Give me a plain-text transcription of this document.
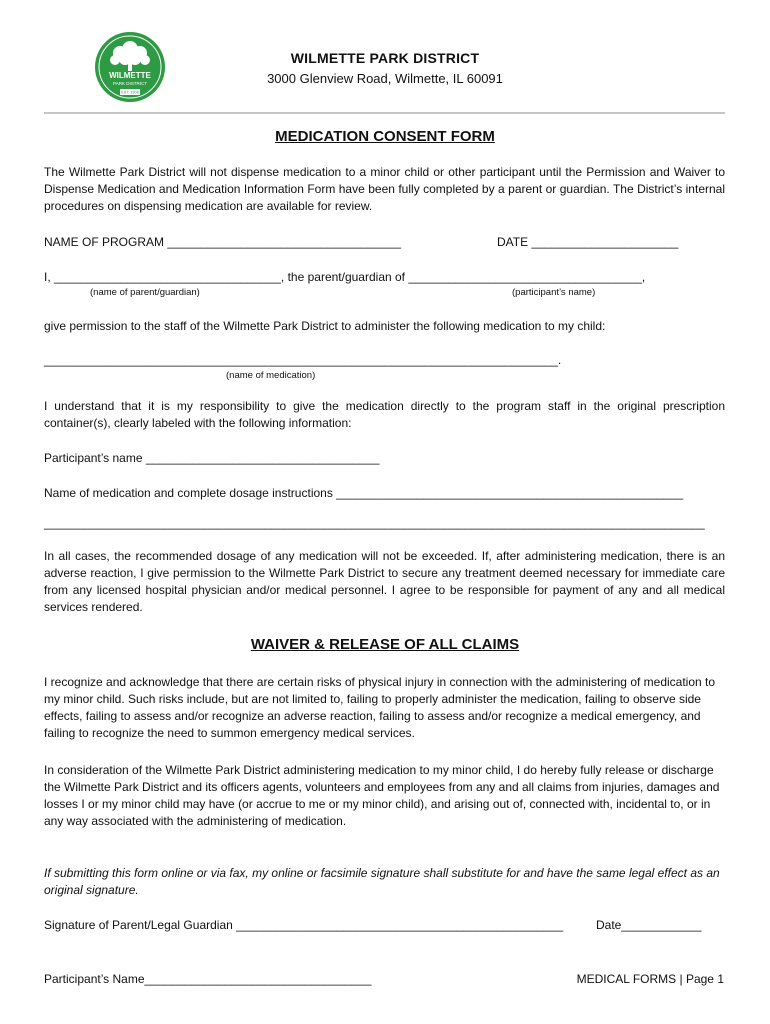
WILMETTE
PARK DISTRICT
EST. 1908
WILMETTE PARK DISTRICT
3000 Glenview Road, Wilmette, IL 60091
MEDICATION CONSENT FORM
The Wilmette Park District will not dispense medication to a minor child or other participant until the Permission and Waiver to Dispense Medication and Medication Information Form have been fully completed by a parent or guardian. The District’s internal procedures on dispensing medication are available for review.
NAME OF PROGRAM ___________________________________	DATE ______________________
I, __________________________________, the parent/guardian of ___________________________________,
(name of parent/guardian)	(participant’s name)
give permission to the staff of the Wilmette Park District to administer the following medication to my child:
_____________________________________________________________________________.
(name of medication)
I understand that it is my responsibility to give the medication directly to the program staff in the original prescription container(s), clearly labeled with the following information:
Participant’s name ___________________________________
Name of medication and complete dosage instructions ____________________________________________________
___________________________________________________________________________________________________
In all cases, the recommended dosage of any medication will not be exceeded. If, after administering medication, there is an adverse reaction, I give permission to the Wilmette Park District to secure any treatment deemed necessary for immediate care from any licensed hospital physician and/or medical personnel. I agree to be responsible for payment of any and all medical services rendered.
WAIVER & RELEASE OF ALL CLAIMS
I recognize and acknowledge that there are certain risks of physical injury in connection with the administering of medication to my minor child. Such risks include, but are not limited to, failing to properly administer the medication, failing to observe side effects, failing to assess and/or recognize an adverse reaction, failing to assess and/or recognize a medical emergency, and failing to recognize the need to summon emergency medical services.
In consideration of the Wilmette Park District administering medication to my minor child, I do hereby fully release or discharge the Wilmette Park District and its officers agents, volunteers and employees from any and all claims from injuries, damages and losses I or my minor child may have (or accrue to me or my minor child), and arising out of, connected with, incidental to, or in any way associated with the administering of medication.
If submitting this form online or via fax, my online or facsimile signature shall substitute for and have the same legal effect as an original signature.
Signature of Parent/Legal Guardian _________________________________________________	Date____________
Participant’s Name__________________________________	MEDICAL FORMS | Page 1
